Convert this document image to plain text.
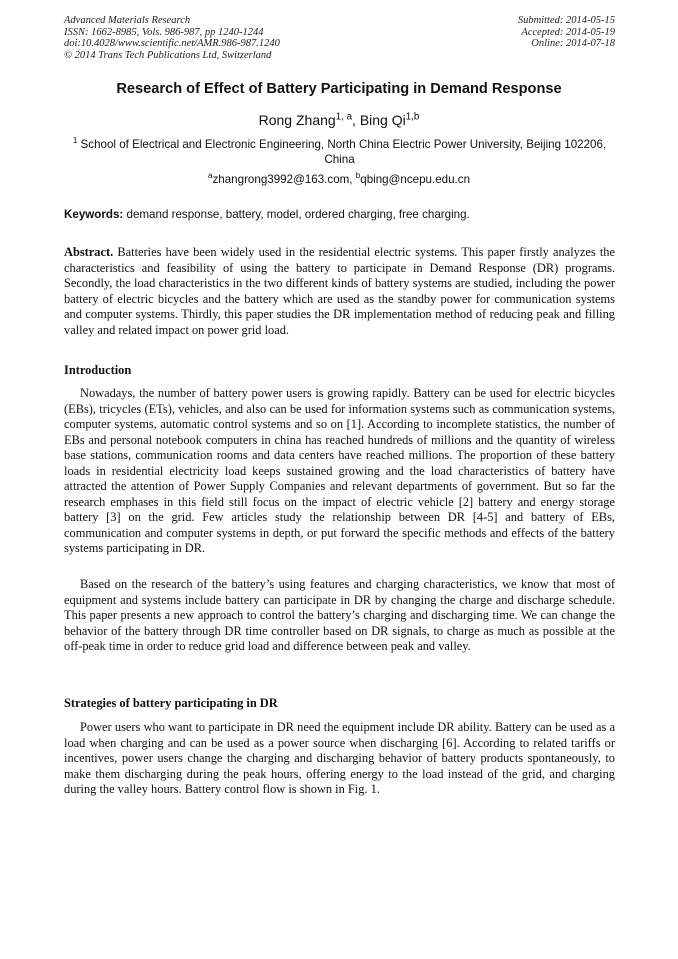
Advanced Materials Research
ISSN: 1662-8985, Vols. 986-987, pp 1240-1244
doi:10.4028/www.scientific.net/AMR.986-987.1240
© 2014 Trans Tech Publications Ltd, Switzerland
Submitted: 2014-05-15
Accepted: 2014-05-19
Online: 2014-07-18
Research of Effect of Battery Participating in Demand Response
Rong Zhang$^{1, a}$, Bing Qi$^{1,b}$
$^1$ School of Electrical and Electronic Engineering, North China Electric Power University, Beijing 102206, China
$^a$zhangrong3992@163.com, $^b$qbing@ncepu.edu.cn
Keywords: demand response, battery, model, ordered charging, free charging.
Abstract. Batteries have been widely used in the residential electric systems. This paper firstly analyzes the characteristics and feasibility of using the battery to participate in Demand Response (DR) programs. Secondly, the load characteristics in the two different kinds of battery systems are studied, including the power battery of electric bicycles and the battery which are used as the standby power for communication systems and computer systems. Thirdly, this paper studies the DR implementation method of reducing peak and filling valley and related impact on power grid load.
Introduction
Nowadays, the number of battery power users is growing rapidly. Battery can be used for electric bicycles (EBs), tricycles (ETs), vehicles, and also can be used for information systems such as communication systems, computer systems, automatic control systems and so on [1]. According to incomplete statistics, the number of EBs and personal notebook computers in china has reached hundreds of millions and the quantity of wireless base stations, communication rooms and data centers have reached millions. The proportion of these battery loads in residential electricity load keeps sustained growing and the load characteristics of battery have attracted the attention of Power Supply Companies and relevant departments of government. But so far the research emphases in this field still focus on the impact of electric vehicle [2] battery and energy storage battery [3] on the grid. Few articles study the relationship between DR [4-5] and battery of EBs, communication and computer systems in depth, or put forward the specific methods and effects of the battery systems participating in DR.
Based on the research of the battery’s using features and charging characteristics, we know that most of equipment and systems include battery can participate in DR by changing the charge and discharge schedule. This paper presents a new approach to control the battery’s charging and discharging time. We can change the behavior of the battery through DR time controller based on DR signals, to charge as much as possible at the off-peak time in order to reduce grid load and difference between peak and valley.
Strategies of battery participating in DR
Power users who want to participate in DR need the equipment include DR ability. Battery can be used as a load when charging and can be used as a power source when discharging [6]. According to related tariffs or incentives, power users change the charging and discharging behavior of battery products spontaneously, to make them discharging during the peak hours, offering energy to the load instead of the grid, and charging during the valley hours. Battery control flow is shown in Fig. 1.
